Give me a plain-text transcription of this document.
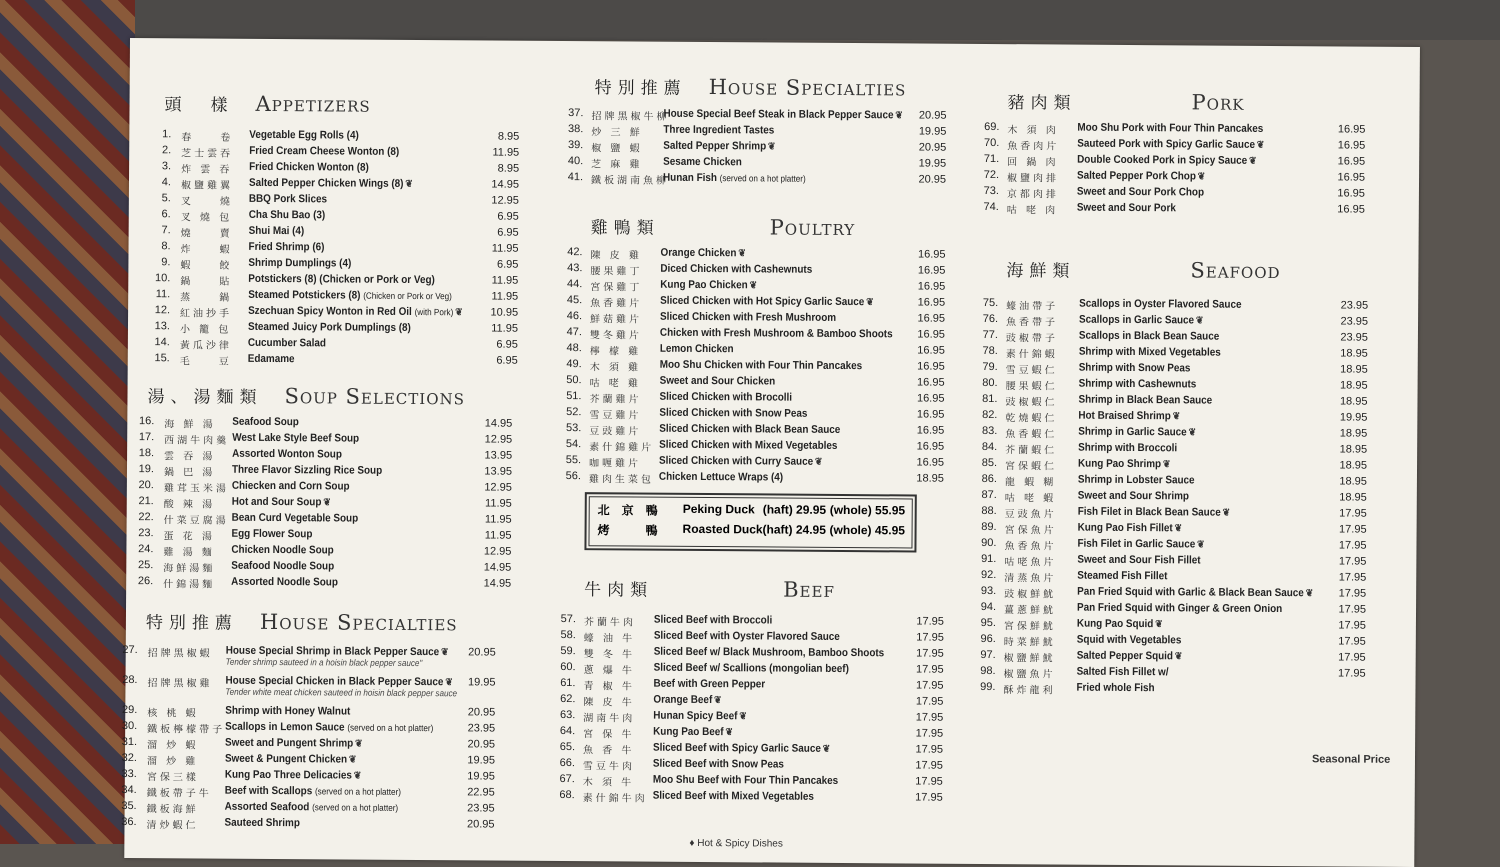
頭　樣 Appetizers
1. 春　　卷 Vegetable Egg Rolls (4)	8.95
2. 芝士雲吞 Fried Cream Cheese Wonton (8)	11.95
3. 炸 雲 吞 Fried Chicken Wonton (8)	8.95
4. 椒鹽雞翼 Salted Pepper Chicken Wings (8) ❦	14.95
5. 叉　　燒 BBQ Pork Slices	12.95
6. 叉 燒 包 Cha Shu Bao (3)	6.95
7. 燒　　賣 Shui Mai (4)	6.95
8. 炸　　蝦 Fried Shrimp (6)	11.95
9. 蝦　　餃 Shrimp Dumplings (4)	6.95
10. 鍋　　貼 Potstickers (8) (Chicken or Pork or Veg)	11.95
11. 蒸　　鍋 Steamed Potstickers (8) (Chicken or Pork or Veg)	11.95
12. 紅油抄手 Szechuan Spicy Wonton in Red Oil (with Pork) ❦	10.95
13. 小 籠 包 Steamed Juicy Pork Dumplings (8)	11.95
14. 黃瓜沙律 Cucumber Salad	6.95
15. 毛　　豆 Edamame	6.95
湯、湯麵類 Soup Selections
16. 海 鮮 湯 Seafood Soup	14.95
17. 西湖牛肉羹 West Lake Style Beef Soup	12.95
18. 雲 吞 湯 Assorted Wonton Soup	13.95
19. 鍋 巴 湯 Three Flavor Sizzling Rice Soup	13.95
20. 雞茸玉米湯 Chiecken and Corn Soup	12.95
21. 酸 辣 湯 Hot and Sour Soup ❦	11.95
22. 什菜豆腐湯 Bean Curd Vegetable Soup	11.95
23. 蛋 花 湯 Egg Flower Soup	11.95
24. 雞 湯 麵 Chicken Noodle Soup	12.95
25. 海鮮湯麵 Seafood Noodle Soup	14.95
26. 什錦湯麵 Assorted Noodle Soup	14.95
特別推薦 House Specialties
27. 招牌黑椒蝦 House Special Shrimp in Black Pepper Sauce ❦
Tender shrimp sauteed in a hoisin black pepper sauce"
20.95
28. 招牌黑椒雞 House Special Chicken in Black Pepper Sauce ❦
Tender white meat chicken sauteed in hoisin black pepper sauce
19.95
29. 核 桃 蝦 Shrimp with Honey Walnut	20.95
30. 鐵板檸檬帶子 Scallops in Lemon Sauce (served on a hot platter)	23.95
31. 溜 炒 蝦 Sweet and Pungent Shrimp ❦	20.95
32. 溜 炒 雞 Sweet & Pungent Chicken ❦	19.95
33. 宮保三樣 Kung Pao Three Delicacies ❦	19.95
34. 鐵板帶子牛 Beef with Scallops (served on a hot platter)	22.95
35. 鐵板海鮮 Assorted Seafood (served on a hot platter)	23.95
36. 清炒蝦仁 Sauteed Shrimp	20.95
特別推薦 House Specialties
37. 招牌黑椒牛柳
House Special Beef Steak in Black Pepper Sauce ❦	20.95
38. 炒 三 鮮 Three Ingredient Tastes	19.95
39. 椒 鹽 蝦 Salted Pepper Shrimp ❦	20.95
40. 芝 麻 雞 Sesame Chicken	19.95
41. 鐵板湖南魚柳
Hunan Fish (served on a hot platter)	20.95
雞鴨類	Poultry
42. 陳 皮 雞 Orange Chicken ❦	16.95
43. 腰果雞丁 Diced Chicken with Cashewnuts	16.95
44. 宮保雞丁 Kung Pao Chicken ❦	16.95
45. 魚香雞片 Sliced Chicken with Hot Spicy Garlic Sauce ❦	16.95
46. 鮮菇雞片 Sliced Chicken with Fresh Mushroom	16.95
47. 雙冬雞片 Chicken with Fresh Mushroom & Bamboo Shoots	16.95
48. 檸 檬 雞 Lemon Chicken	16.95
49. 木 須 雞 Moo Shu Chicken with Four Thin Pancakes	16.95
50. 咕 咾 雞 Sweet and Sour Chicken	16.95
51. 芥蘭雞片 Sliced Chicken with Brocolli	16.95
52. 雪豆雞片 Sliced Chicken with Snow Peas	16.95
53. 豆豉雞片 Sliced Chicken with Black Bean Sauce	16.95
54. 素什錦雞片 Sliced Chicken with Mixed Vegetables	16.95
55. 咖喱雞片 Sliced Chicken with Curry Sauce ❦	16.95
56. 雞肉生菜包 Chicken Lettuce Wraps (4)	18.95
北　京　鴨 Peking Duck (haft) 29.95 (whole) 55.95
烤　　　鴨 Roasted Duck (haft) 24.95 (whole) 45.95
牛肉類	Beef
57. 芥蘭牛肉 Sliced Beef with Broccoli	17.95
58. 蠔 油 牛 Sliced Beef with Oyster Flavored Sauce	17.95
59. 雙 冬 牛 Sliced Beef w/ Black Mushroom, Bamboo Shoots	17.95
60. 蔥 爆 牛 Sliced Beef w/ Scallions (mongolian beef)	17.95
61. 青 椒 牛 Beef with Green Pepper	17.95
62. 陳 皮 牛 Orange Beef ❦	17.95
63. 湖南牛肉 Hunan Spicy Beef ❦	17.95
64. 宮 保 牛 Kung Pao Beef ❦	17.95
65. 魚 香 牛 Sliced Beef with Spicy Garlic Sauce ❦	17.95
66. 雪豆牛肉 Sliced Beef with Snow Peas	17.95
67. 木 須 牛 Moo Shu Beef with Four Thin Pancakes	17.95
68. 素什錦牛肉 Sliced Beef with Mixed Vegetables	17.95
♦ Hot & Spicy Dishes
豬肉類	Pork
69. 木 須 肉 Moo Shu Pork with Four Thin Pancakes	16.95
70. 魚香肉片 Sauteed Pork with Spicy Garlic Sauce ❦	16.95
71. 回 鍋 肉 Double Cooked Pork in Spicy Sauce ❦	16.95
72. 椒鹽肉排 Salted Pepper Pork Chop ❦	16.95
73. 京都肉排 Sweet and Sour Pork Chop	16.95
74. 咕 咾 肉 Sweet and Sour Pork	16.95
海鮮類	Seafood
75. 蠔油帶子 Scallops in Oyster Flavored Sauce	23.95
76. 魚香帶子 Scallops in Garlic Sauce ❦	23.95
77. 豉椒帶子 Scallops in Black Bean Sauce	23.95
78. 素什錦蝦 Shrimp with Mixed Vegetables	18.95
79. 雪豆蝦仁 Shrimp with Snow Peas	18.95
80. 腰果蝦仁 Shrimp with Cashewnuts	18.95
81. 豉椒蝦仁 Shrimp in Black Bean Sauce	18.95
82. 乾燒蝦仁 Hot Braised Shrimp ❦	19.95
83. 魚香蝦仁 Shrimp in Garlic Sauce ❦	18.95
84. 芥蘭蝦仁 Shrimp with Broccoli	18.95
85. 宮保蝦仁 Kung Pao Shrimp ❦	18.95
86. 龍 蝦 糊 Shrimp in Lobster Sauce	18.95
87. 咕 咾 蝦 Sweet and Sour Shrimp	18.95
88. 豆豉魚片 Fish Filet in Black Bean Sauce ❦	17.95
89. 宮保魚片 Kung Pao Fish Fillet ❦	17.95
90. 魚香魚片 Fish Filet in Garlic Sauce ❦	17.95
91. 咕咾魚片 Sweet and Sour Fish Fillet	17.95
92. 清蒸魚片 Steamed Fish Fillet	17.95
93. 豉椒鮮魷 Pan Fried Squid with Garlic & Black Bean Sauce ❦	17.95
94. 薑蔥鮮魷 Pan Fried Squid with Ginger & Green Onion	17.95
95. 宮保鮮魷 Kung Pao Squid ❦	17.95
96. 時菜鮮魷 Squid with Vegetables	17.95
97. 椒鹽鮮魷 Salted Pepper Squid ❦	17.95
98. 椒鹽魚片 Salted Fish Fillet w/	17.95
99. 酥炸龍利 Fried whole Fish
Seasonal Price
